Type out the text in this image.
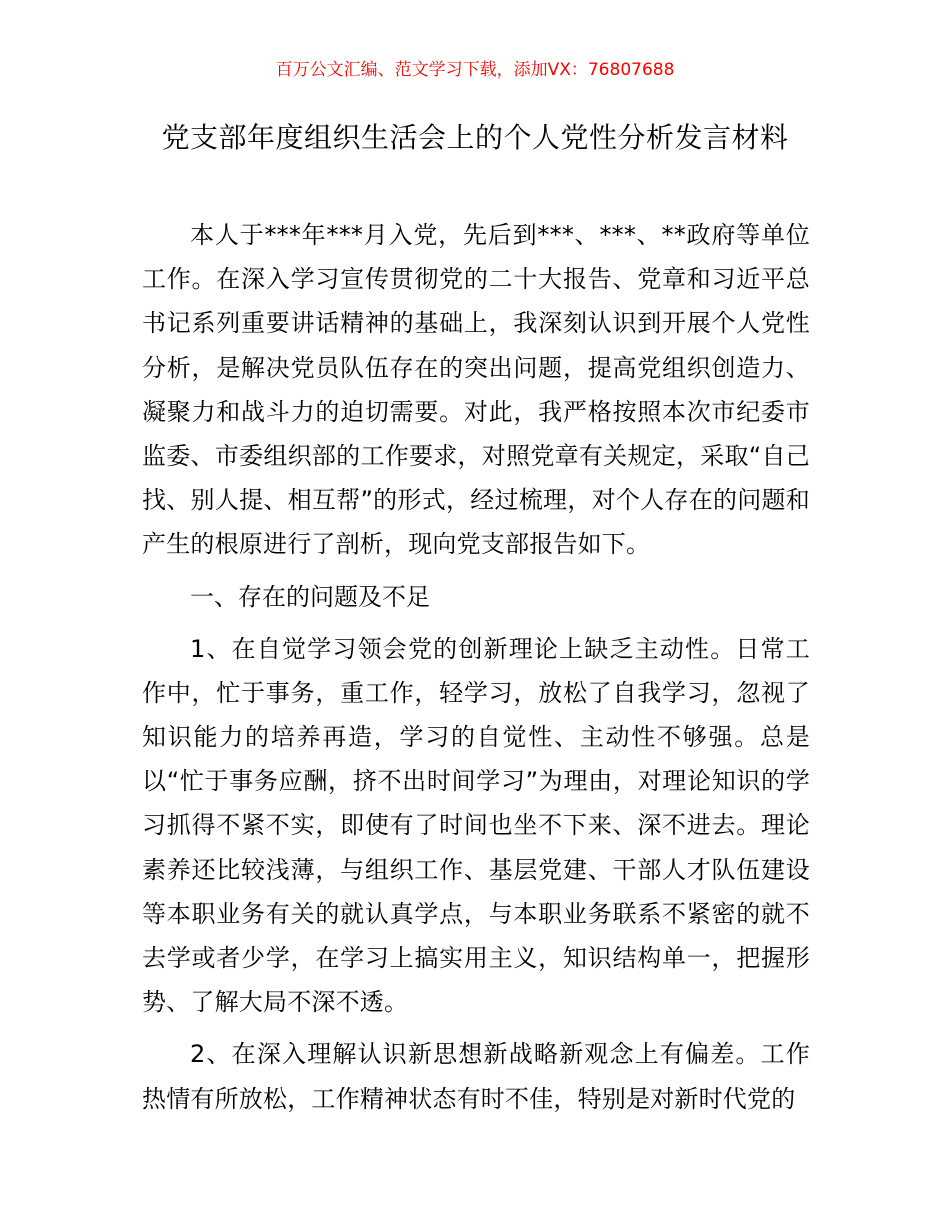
百万公文汇编、范文学习下载，添加VX：76807688

党支部年度组织生活会上的个人党性分析发言材料

本人于***年***月入党，先后到***、***、**政府等单位工作。在深入学习宣传贯彻党的二十大报告、党章和习近平总书记系列重要讲话精神的基础上，我深刻认识到开展个人党性分析，是解决党员队伍存在的突出问题，提高党组织创造力、凝聚力和战斗力的迫切需要。对此，我严格按照本次市纪委市监委、市委组织部的工作要求，对照党章有关规定，采取“自己找、别人提、相互帮”的形式，经过梳理，对个人存在的问题和产生的根原进行了剖析，现向党支部报告如下。

一、存在的问题及不足

1、在自觉学习领会党的创新理论上缺乏主动性。日常工作中，忙于事务，重工作，轻学习，放松了自我学习，忽视了知识能力的培养再造，学习的自觉性、主动性不够强。总是以“忙于事务应酬，挤不出时间学习”为理由，对理论知识的学习抓得不紧不实，即使有了时间也坐不下来、深不进去。理论素养还比较浅薄，与组织工作、基层党建、干部人才队伍建设等本职业务有关的就认真学点，与本职业务联系不紧密的就不去学或者少学，在学习上搞实用主义，知识结构单一，把握形势、了解大局不深不透。

2、在深入理解认识新思想新战略新观念上有偏差。工作热情有所放松，工作精神状态有时不佳，特别是对新时代党的
